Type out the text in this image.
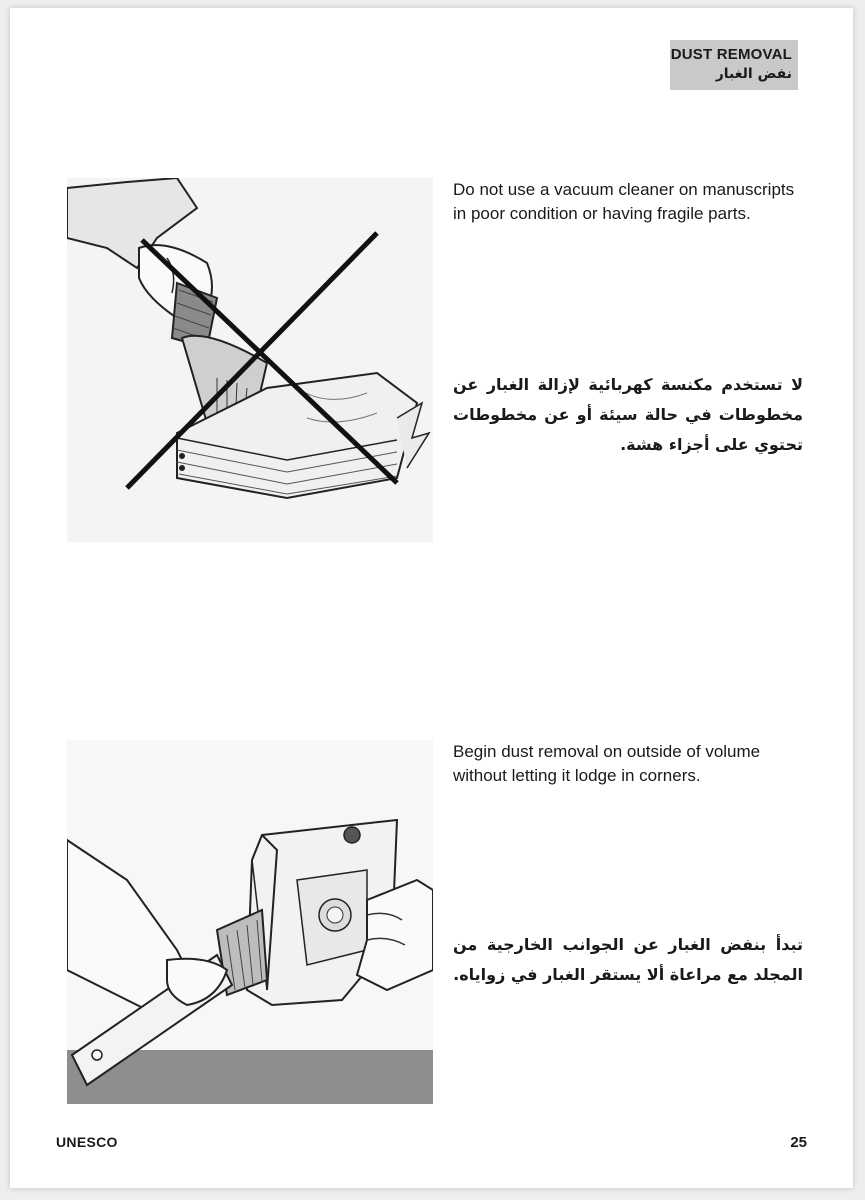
DUST REMOVAL
نفض الغبار
Do not use a vacuum cleaner on manuscripts in poor condition or having fragile parts.
لا تستخدم مكنسة كهربائية لإزالة الغبار عن مخطوطات في حالة سيئة أو عن مخطوطات تحتوي على أجزاء هشة.
Begin dust removal on outside of volume without letting it lodge in corners.
تبدأ بنفض الغبار عن الجوانب الخارجية من المجلد مع مراعاة ألا يستقر الغبار في زواياه.
UNESCO	25
